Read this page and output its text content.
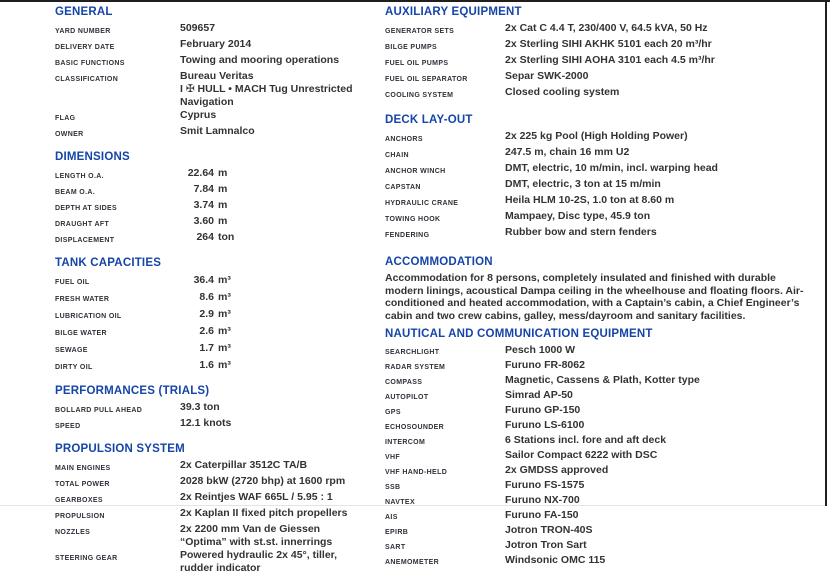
GENERAL
YARD NUMBER	509657
DELIVERY DATE	February 2014
BASIC FUNCTIONS	Towing and mooring operations
CLASSIFICATION	Bureau Veritas
I ✠ HULL • MACH Tug Unrestricted
Navigation
FLAG	Cyprus
OWNER	Smit Lamnalco
DIMENSIONS
LENGTH O.A.	22.64 m
BEAM O.A.	7.84 m
DEPTH AT SIDES	3.74 m
DRAUGHT AFT	3.60 m
DISPLACEMENT	264 ton
TANK CAPACITIES
FUEL OIL	36.4 m³
FRESH WATER	8.6 m³
LUBRICATION OIL	2.9 m³
BILGE WATER	2.6 m³
SEWAGE	1.7 m³
DIRTY OIL	1.6 m³
PERFORMANCES (TRIALS)
BOLLARD PULL AHEAD	39.3 ton
SPEED	12.1 knots
PROPULSION SYSTEM
MAIN ENGINES	2x Caterpillar 3512C TA/B
TOTAL POWER	2028 bkW (2720 bhp) at 1600 rpm
GEARBOXES	2x Reintjes WAF 665L / 5.95 : 1
PROPULSION	2x Kaplan II fixed pitch propellers
NOZZLES	2x 2200 mm Van de Giessen
“Optima” with st.st. innerrings
STEERING GEAR	Powered hydraulic 2x 45°, tiller,
rudder indicator
AUXILIARY EQUIPMENT
GENERATOR SETS	2x Cat C 4.4 T, 230/400 V, 64.5 kVA, 50 Hz
BILGE PUMPS	2x Sterling SIHI AKHK 5101 each 20 m³/hr
FUEL OIL PUMPS	2x Sterling SIHI AOHA 3101 each 4.5 m³/hr
FUEL OIL SEPARATOR	Separ SWK-2000
COOLING SYSTEM	Closed cooling system
DECK LAY-OUT
ANCHORS	2x 225 kg Pool (High Holding Power)
CHAIN	247.5 m, chain 16 mm U2
ANCHOR WINCH	DMT, electric, 10 m/min, incl. warping head
CAPSTAN	DMT, electric, 3 ton at 15 m/min
HYDRAULIC CRANE	Heila HLM 10-2S, 1.0 ton at 8.60 m
TOWING HOOK	Mampaey, Disc type, 45.9 ton
FENDERING	Rubber bow and stern fenders
ACCOMMODATION

Accommodation for 8 persons, completely insulated and finished with durable modern linings, acoustical Dampa ceiling in the wheelhouse and floating floors. Air-conditioned and heated accommodation, with a Captain’s cabin, a Chief Engineer’s cabin and two crew cabins, galley, mess/dayroom and sanitary facilities.

NAUTICAL AND COMMUNICATION EQUIPMENT
SEARCHLIGHT	Pesch 1000 W
RADAR SYSTEM	Furuno FR-8062
COMPASS	Magnetic, Cassens & Plath, Kotter type
AUTOPILOT	Simrad AP-50
GPS	Furuno GP-150
ECHOSOUNDER	Furuno LS-6100
INTERCOM	6 Stations incl. fore and aft deck
VHF	Sailor Compact 6222 with DSC
VHF HAND-HELD	2x GMDSS approved
SSB	Furuno FS-1575
NAVTEX	Furuno NX-700
AIS	Furuno FA-150
EPIRB	Jotron TRON-40S
SART	Jotron Tron Sart
ANEMOMETER	Windsonic OMC 115
